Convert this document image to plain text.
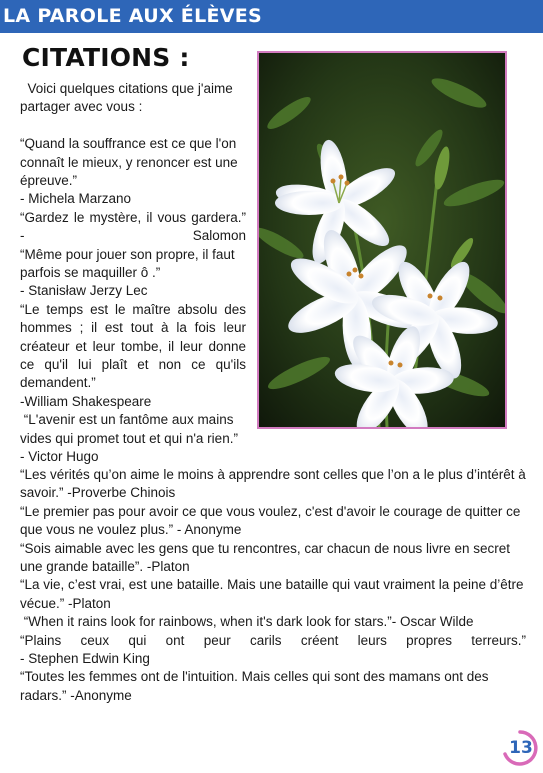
LA PAROLE AUX ÉLÈVES
CITATIONS :

Voici quelques citations que j'aime partager avec vous :

“Quand la souffrance est ce que l'on connaît le mieux, y renoncer est une épreuve.”

- Michela Marzano

“Gardez le mystère, il vous gardera.” - Salomon

“Même pour jouer son propre, il faut parfois se maquiller ô .”

- Stanisław Jerzy Lec

“Le temps est le maître absolu des hommes ; il est tout à la fois leur créateur et leur tombe, il leur donne ce qu'il lui plaît et non ce qu'ils demandent.”

-William Shakespeare

“L'avenir est un fantôme aux mains vides qui promet tout et qui n'a rien.”

- Victor Hugo

“Les vérités qu’on aime le moins à apprendre sont celles que l’on a le plus d’intérêt à savoir.” -Proverbe Chinois

“Le premier pas pour avoir ce que vous voulez, c'est d'avoir le courage de quitter ce que vous ne voulez plus.” - Anonyme

“Sois aimable avec les gens que tu rencontres, car chacun de nous livre en secret une grande bataille”. -Platon

“La vie, c’est vrai, est une bataille. Mais une bataille qui vaut vraiment la peine d’être vécue.” -Platon

“When it rains look for rainbows, when it's dark look for stars.”- Oscar Wilde

“Plains ceux qui ont peur carils créent leurs propres terreurs.”

- Stephen Edwin King

“Toutes les femmes ont de l'intuition. Mais celles qui sont des mamans ont des radars.” -Anonyme

13
